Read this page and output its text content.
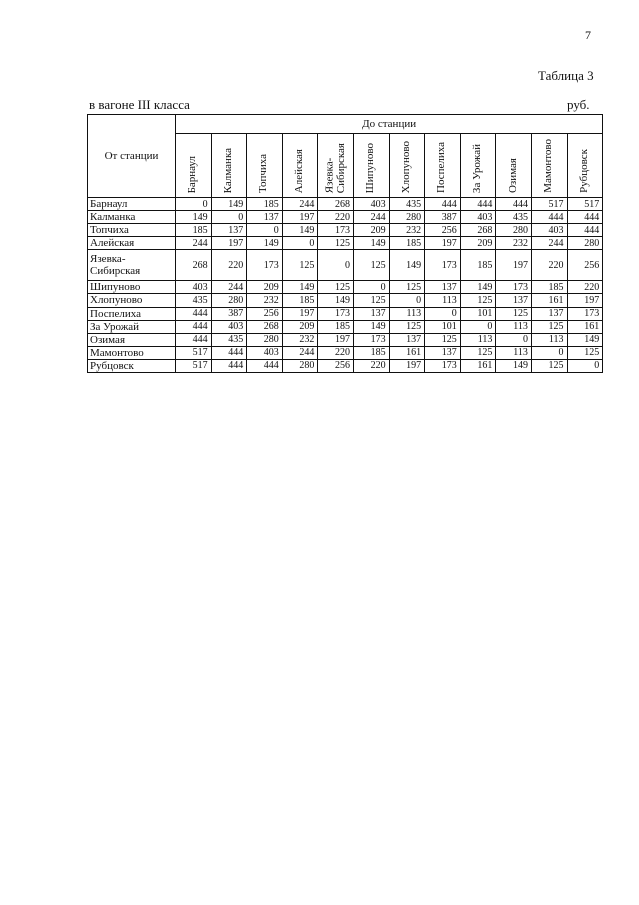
7
Таблица 3
в вагоне III класса	руб.
От станции	До станции											

	Барнаул	Калманка	Топчиха	Алейская	Язевка-
Сибирская	Шипуново	Хлопуново	Поспелиха	За Урожай	Озимая	Мамонтово	Рубцовск

Барнаул	0	149	185	244	268	403	435	444	444	444	517	517
Калманка	149	0	137	197	220	244	280	387	403	435	444	444
Топчиха	185	137	0	149	173	209	232	256	268	280	403	444
Алейская	244	197	149	0	125	149	185	197	209	232	244	280
Язевка-
Сибирская	268	220	173	125	0	125	149	173	185	197	220	256
Шипуново	403	244	209	149	125	0	125	137	149	173	185	220
Хлопуново	435	280	232	185	149	125	0	113	125	137	161	197
Поспелиха	444	387	256	197	173	137	113	0	101	125	137	173
За Урожай	444	403	268	209	185	149	125	101	0	113	125	161
Озимая	444	435	280	232	197	173	137	125	113	0	113	149
Мамонтово	517	444	403	244	220	185	161	137	125	113	0	125
Рубцовск	517	444	444	280	256	220	197	173	161	149	125	0
